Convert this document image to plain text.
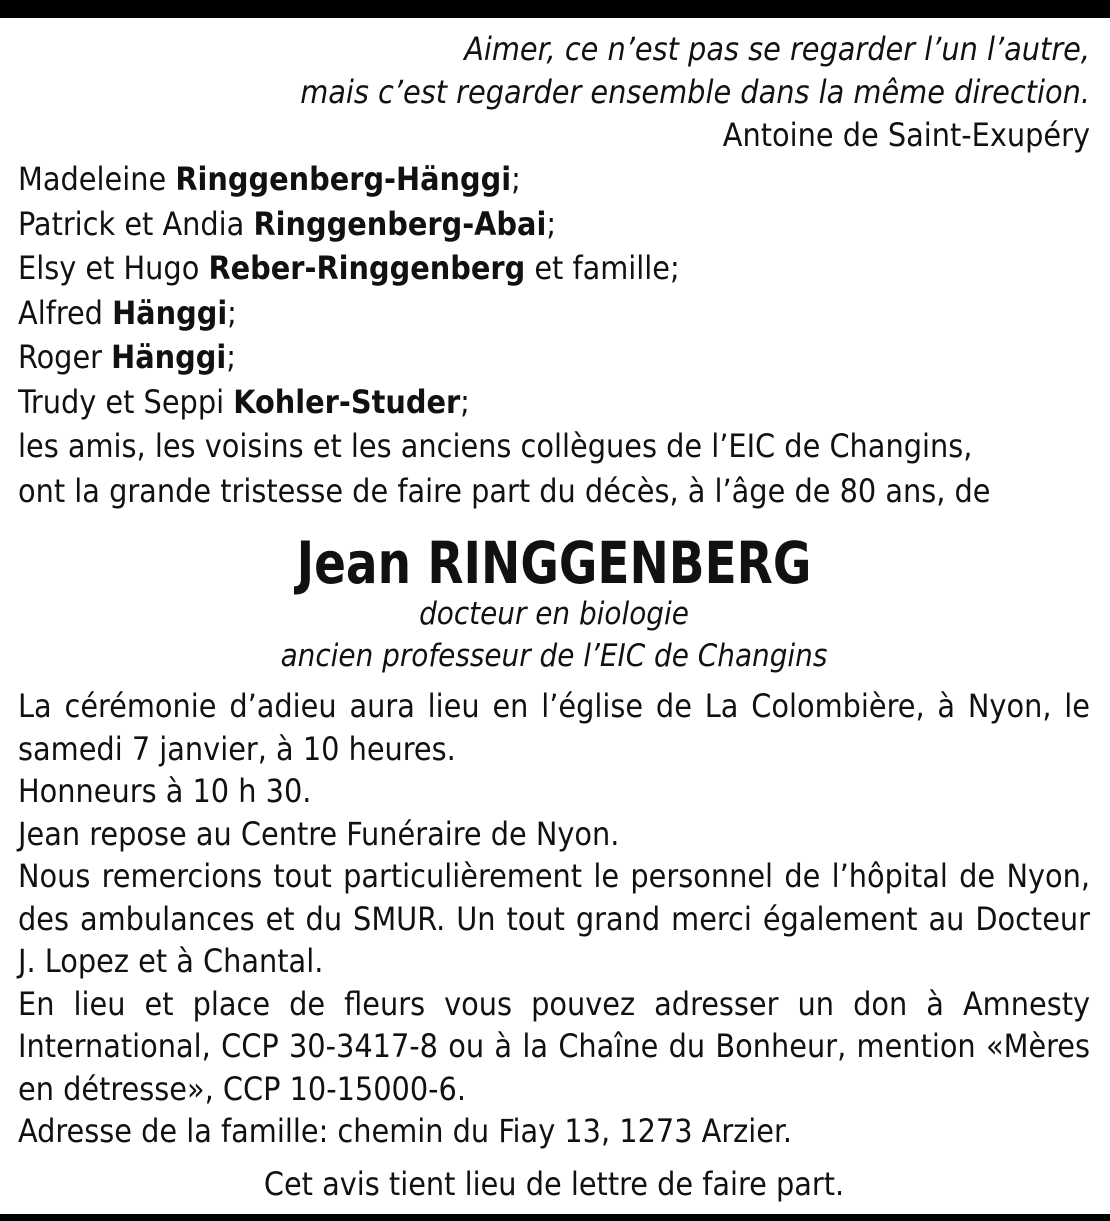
Aimer, ce n’est pas se regarder l’un l’autre,
mais c’est regarder ensemble dans la même direction.
Antoine de Saint-Exupéry
Madeleine Ringgenberg-Hänggi;
Patrick et Andia Ringgenberg-Abai;
Elsy et Hugo Reber-Ringgenberg et famille;
Alfred Hänggi;
Roger Hänggi;
Trudy et Seppi Kohler-Studer;
les amis, les voisins et les anciens collègues de l’EIC de Changins,
ont la grande tristesse de faire part du décès, à l’âge de 80 ans, de
Jean RINGGENBERG
docteur en biologie
ancien professeur de l’EIC de Changins
La cérémonie d’adieu aura lieu en l’église de La Colombière, à Nyon, le samedi 7 janvier, à 10 heures.
Honneurs à 10 h 30.
Jean repose au Centre Funéraire de Nyon.
Nous remercions tout particulièrement le personnel de l’hôpital de Nyon, des ambulances et du SMUR. Un tout grand merci également au Docteur J. Lopez et à Chantal.
En lieu et place de fleurs vous pouvez adresser un don à Amnesty International, CCP 30-3417-8 ou à la Chaîne du Bonheur, mention «Mères en détresse», CCP 10-15000-6.
Adresse de la famille: chemin du Fiay 13, 1273 Arzier.
Cet avis tient lieu de lettre de faire part.
